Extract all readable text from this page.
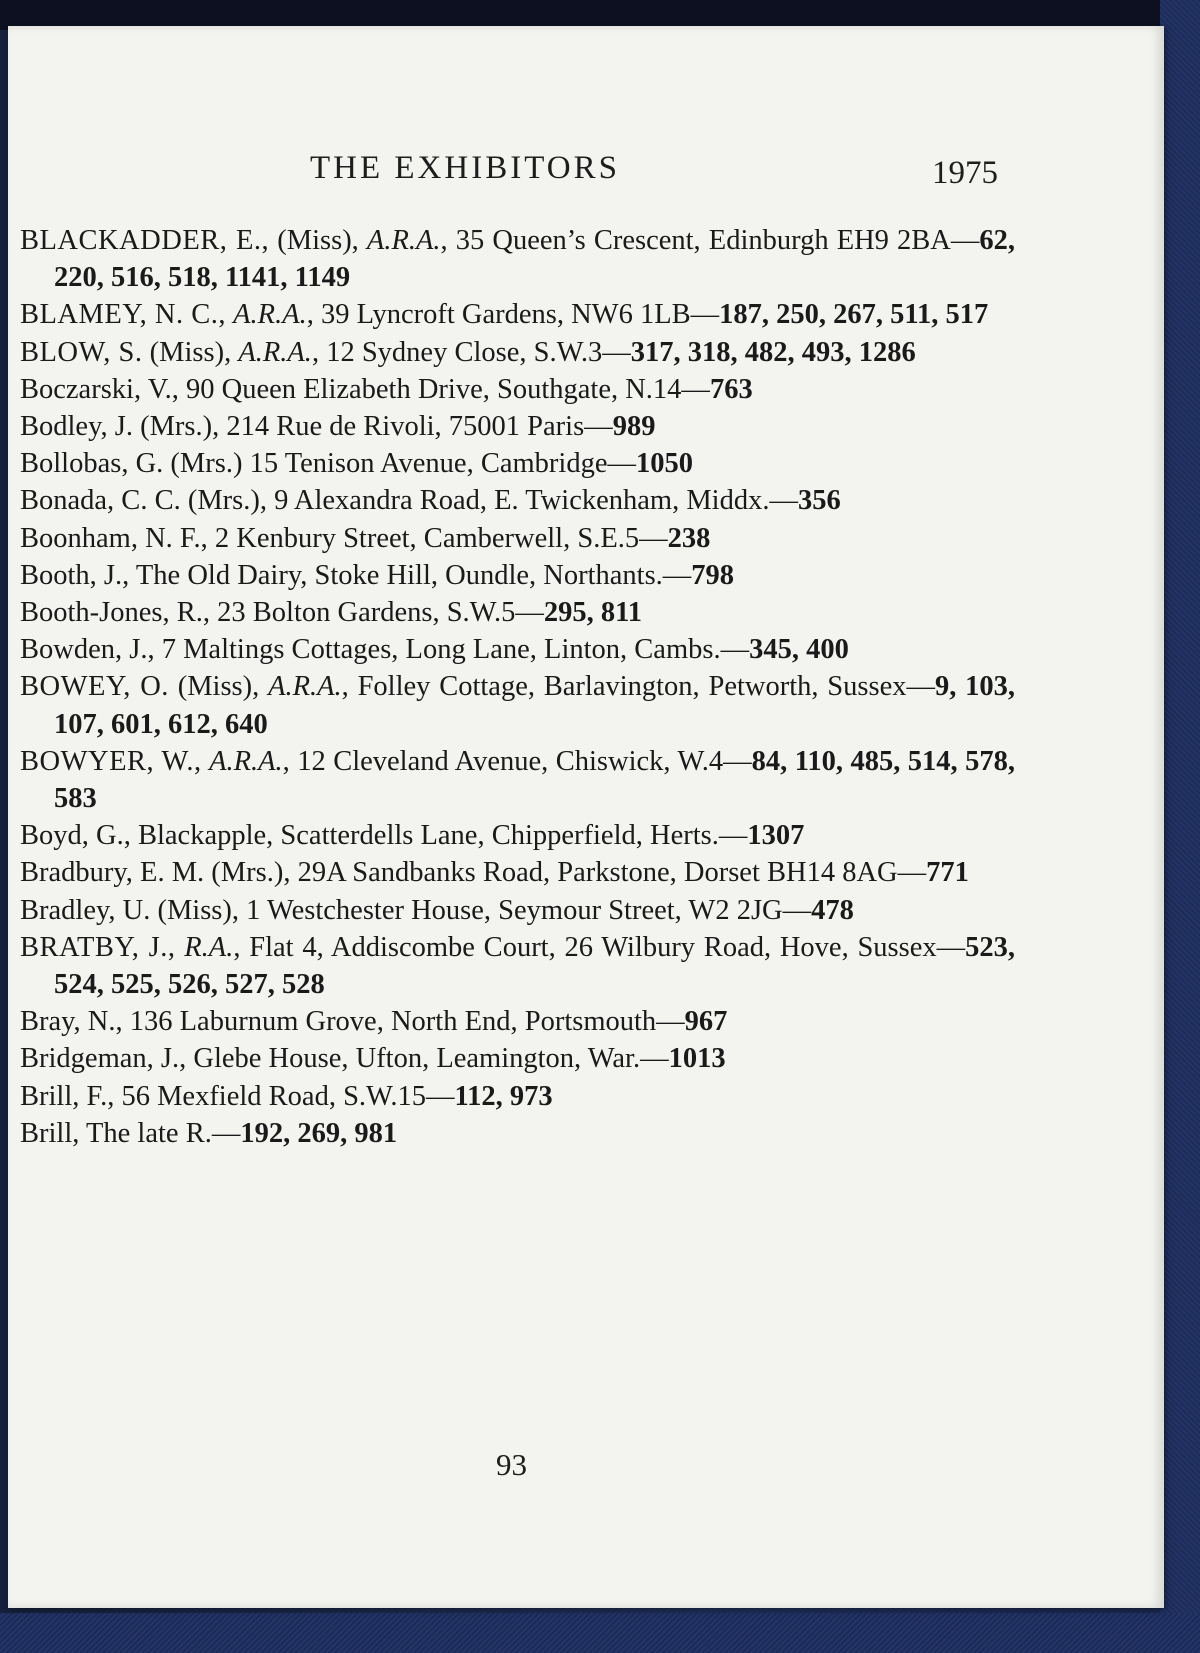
THE EXHIBITORS	1975
BLACKADDER, E., (Miss), A.R.A., 35 Queen’s Crescent, Edinburgh EH9 2BA—62, 220, 516, 518, 1141, 1149
BLAMEY, N. C., A.R.A., 39 Lyncroft Gardens, NW6 1LB—187, 250, 267, 511, 517
BLOW, S. (Miss), A.R.A., 12 Sydney Close, S.W.3—317, 318, 482, 493, 1286
Boczarski, V., 90 Queen Elizabeth Drive, Southgate, N.14—763
Bodley, J. (Mrs.), 214 Rue de Rivoli, 75001 Paris—989
Bollobas, G. (Mrs.) 15 Tenison Avenue, Cambridge—1050
Bonada, C. C. (Mrs.), 9 Alexandra Road, E. Twickenham, Middx.—356
Boonham, N. F., 2 Kenbury Street, Camberwell, S.E.5—238
Booth, J., The Old Dairy, Stoke Hill, Oundle, Northants.—798
Booth-Jones, R., 23 Bolton Gardens, S.W.5—295, 811
Bowden, J., 7 Maltings Cottages, Long Lane, Linton, Cambs.—345, 400
BOWEY, O. (Miss), A.R.A., Folley Cottage, Barlavington, Petworth, Sussex—9, 103, 107, 601, 612, 640
BOWYER, W., A.R.A., 12 Cleveland Avenue, Chiswick, W.4—84, 110, 485, 514, 578, 583
Boyd, G., Blackapple, Scatterdells Lane, Chipperfield, Herts.—1307
Bradbury, E. M. (Mrs.), 29A Sandbanks Road, Parkstone, Dorset BH14 8AG—771
Bradley, U. (Miss), 1 Westchester House, Seymour Street, W2 2JG—478
BRATBY, J., R.A., Flat 4, Addiscombe Court, 26 Wilbury Road, Hove, Sussex—523, 524, 525, 526, 527, 528
Bray, N., 136 Laburnum Grove, North End, Portsmouth—967
Bridgeman, J., Glebe House, Ufton, Leamington, War.—1013
Brill, F., 56 Mexfield Road, S.W.15—112, 973
Brill, The late R.—192, 269, 981
93
